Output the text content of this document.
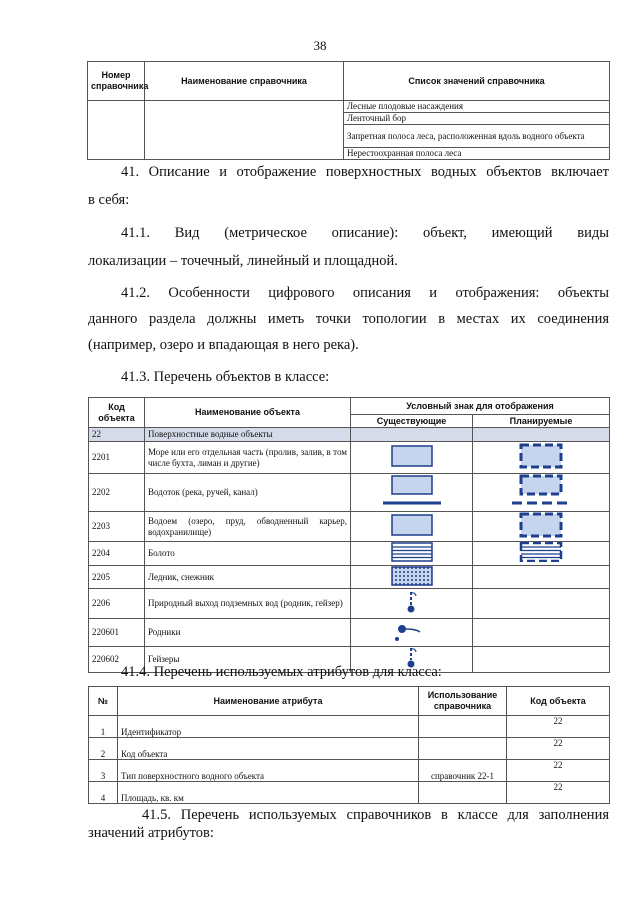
38
Номер справочника	Наименование справочника	Список значений справочника
		Лесные плодовые насаждения
		Ленточный бор
		Запретная полоса леса, расположенная вдоль водного объекта
		Нерестоохранная полоса леса
41. Описание и отображение поверхностных водных объектов включает
в себя:
41.1. Вид (метрическое описание): объект, имеющий виды
локализации – точечный, линейный и площадной.
41.2. Особенности цифрового описания и отображения: объекты
данного раздела должны иметь точки топологии в местах их соединения
(например, озеро и впадающая в него река).
41.3. Перечень объектов в классе:
Код объекта	Наименование объекта	Условный знак для отображения	
		Существующие	Планируемые
22	Поверхностные водные объекты		
2201	Море или его отдельная часть (пролив, залив, в том числе бухта, лиман и другие)		
2202	Водоток (река, ручей, канал)		
2203	Водоем (озеро, пруд, обводненный карьер, водохранилище)		
2204	Болото		
2205	Ледник, снежник		
2206	Природный выход подземных вод (родник, гейзер)		
220601	Родники		
220602	Гейзеры		
41.4. Перечень используемых атрибутов для класса:
№	Наименование атрибута	Использование справочника	Код объекта
1	Идентификатор		22
2	Код объекта		22
3	Тип поверхностного водного объекта	справочник 22-1	22
4	Площадь, кв. км		22
41.5. Перечень используемых справочников в классе для заполнения
значений атрибутов:
